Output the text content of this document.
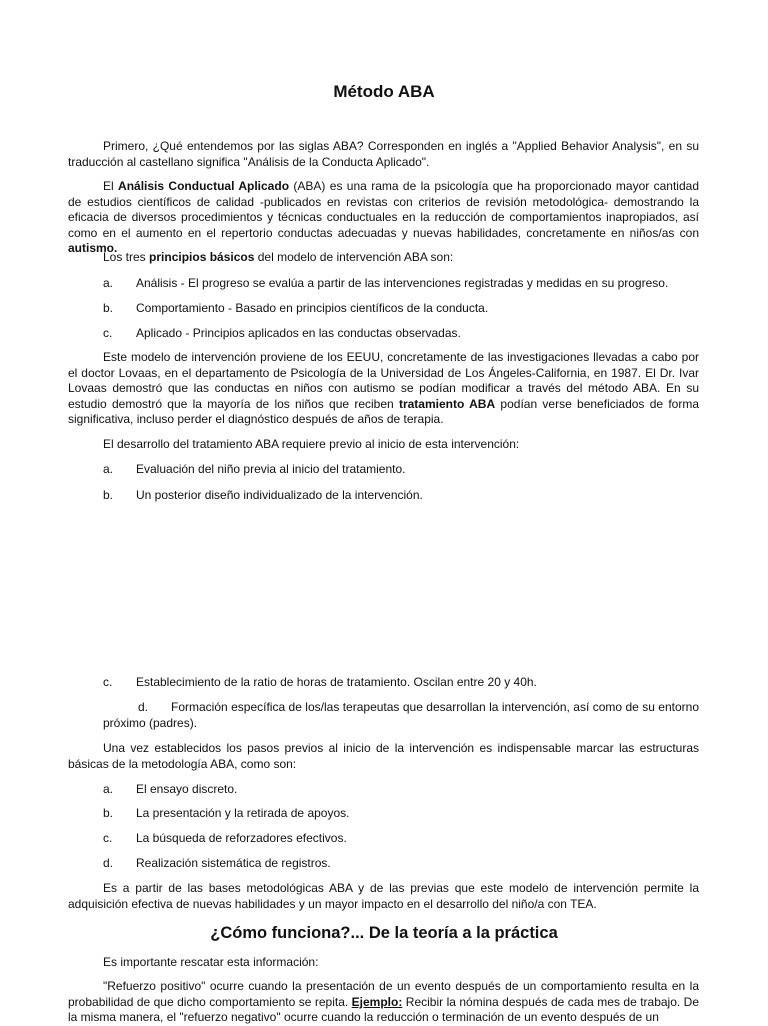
Método ABA

Primero, ¿Qué entendemos por las siglas ABA? Corresponden en inglés a "Applied Behavior Analysis", en su traducción al castellano significa "Análisis de la Conducta Aplicado".

El Análisis Conductual Aplicado (ABA) es una rama de la psicología que ha proporcionado mayor cantidad de estudios científicos de calidad -publicados en revistas con criterios de revisión metodológica- demostrando la eficacia de diversos procedimientos y técnicas conductuales en la reducción de comportamientos inapropiados, así como en el aumento en el repertorio conductas adecuadas y nuevas habilidades, concretamente en niños/as con autismo.

Los tres principios básicos del modelo de intervención ABA son:

a. Análisis - El progreso se evalúa a partir de las intervenciones registradas y medidas en su progreso.

b. Comportamiento - Basado en principios científicos de la conducta.

c. Aplicado - Principios aplicados en las conductas observadas.

Este modelo de intervención proviene de los EEUU, concretamente de las investigaciones llevadas a cabo por el doctor Lovaas, en el departamento de Psicología de la Universidad de Los Ángeles-California, en 1987. El Dr. Ivar Lovaas demostró que las conductas en niños con autismo se podían modificar a través del método ABA. En su estudio demostró que la mayoría de los niños que reciben tratamiento ABA podían verse beneficiados de forma significativa, incluso perder el diagnóstico después de años de terapia.

El desarrollo del tratamiento ABA requiere previo al inicio de esta intervención:

a. Evaluación del niño previa al inicio del tratamiento.

b. Un posterior diseño individualizado de la intervención.

c. Establecimiento de la ratio de horas de tratamiento. Oscilan entre 20 y 40h.

d. Formación específica de los/las terapeutas que desarrollan la intervención, así como de su entorno próximo (padres).

Una vez establecidos los pasos previos al inicio de la intervención es indispensable marcar las estructuras básicas de la metodología ABA, como son:

a. El ensayo discreto.

b. La presentación y la retirada de apoyos.

c. La búsqueda de reforzadores efectivos.

d. Realización sistemática de registros.

Es a partir de las bases metodológicas ABA y de las previas que este modelo de intervención permite la adquisición efectiva de nuevas habilidades y un mayor impacto en el desarrollo del niño/a con TEA.

¿Cómo funciona?... De la teoría a la práctica

Es importante rescatar esta información:

"Refuerzo positivo" ocurre cuando la presentación de un evento después de un comportamiento resulta en la probabilidad de que dicho comportamiento se repita. Ejemplo: Recibir la nómina después de cada mes de trabajo. De la misma manera, el "refuerzo negativo" ocurre cuando la reducción o terminación de un evento después de un
